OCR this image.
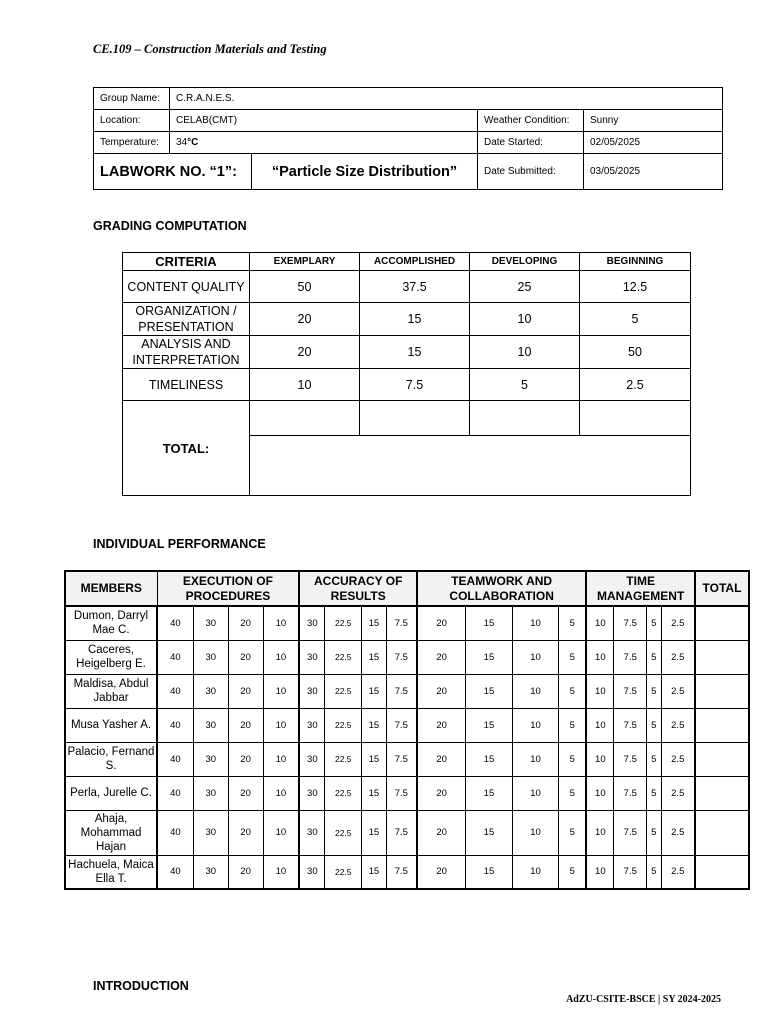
CE.109 – Construction Materials and Testing
Group Name:	C.R.A.N.E.S.			
Location:	CELAB(CMT)		Weather Condition:	Sunny
Temperature:	34°C		Date Started:	02/05/2025
LABWORK NO. “1”:		“Particle Size Distribution”	Date Submitted:	03/05/2025
GRADING COMPUTATION
CRITERIA	EXEMPLARY	ACCOMPLISHED	DEVELOPING	BEGINNING
CONTENT QUALITY	50	37.5	25	12.5
ORGANIZATION / PRESENTATION	20	15	10	5
ANALYSIS AND INTERPRETATION	20	15	10	50
TIMELINESS	10	7.5	5	2.5
TOTAL:				

INDIVIDUAL PERFORMANCE
MEMBERS	EXECUTION OF PROCEDURES				ACCURACY OF RESULTS				TEAMWORK AND COLLABORATION				TIME MANAGEMENT				TOTAL
Dumon, Darryl Mae C.	40	30	20	10	30	22.5	15	7.5	20	15	10	5	10	7.5	5	2.5	
Caceres, Heigelberg E.	40	30	20	10	30	22.5	15	7.5	20	15	10	5	10	7.5	5	2.5	
Maldisa, Abdul Jabbar	40	30	20	10	30	22.5	15	7.5	20	15	10	5	10	7.5	5	2.5	
Musa Yasher A.	40	30	20	10	30	22.5	15	7.5	20	15	10	5	10	7.5	5	2.5	
Palacio, Fernand S.	40	30	20	10	30	22.5	15	7.5	20	15	10	5	10	7.5	5	2.5	
Perla, Jurelle C.	40	30	20	10	30	22.5	15	7.5	20	15	10	5	10	7.5	5	2.5	
Ahaja, Mohammad Hajan	40	30	20	10	30	22.5	15	7.5	20	15	10	5	10	7.5	5	2.5	
Hachuela, Maica Ella T.	40	30	20	10	30	22.5	15	7.5	20	15	10	5	10	7.5	5	2.5	
INTRODUCTION
AdZU-CSITE-BSCE | SY 2024-2025
